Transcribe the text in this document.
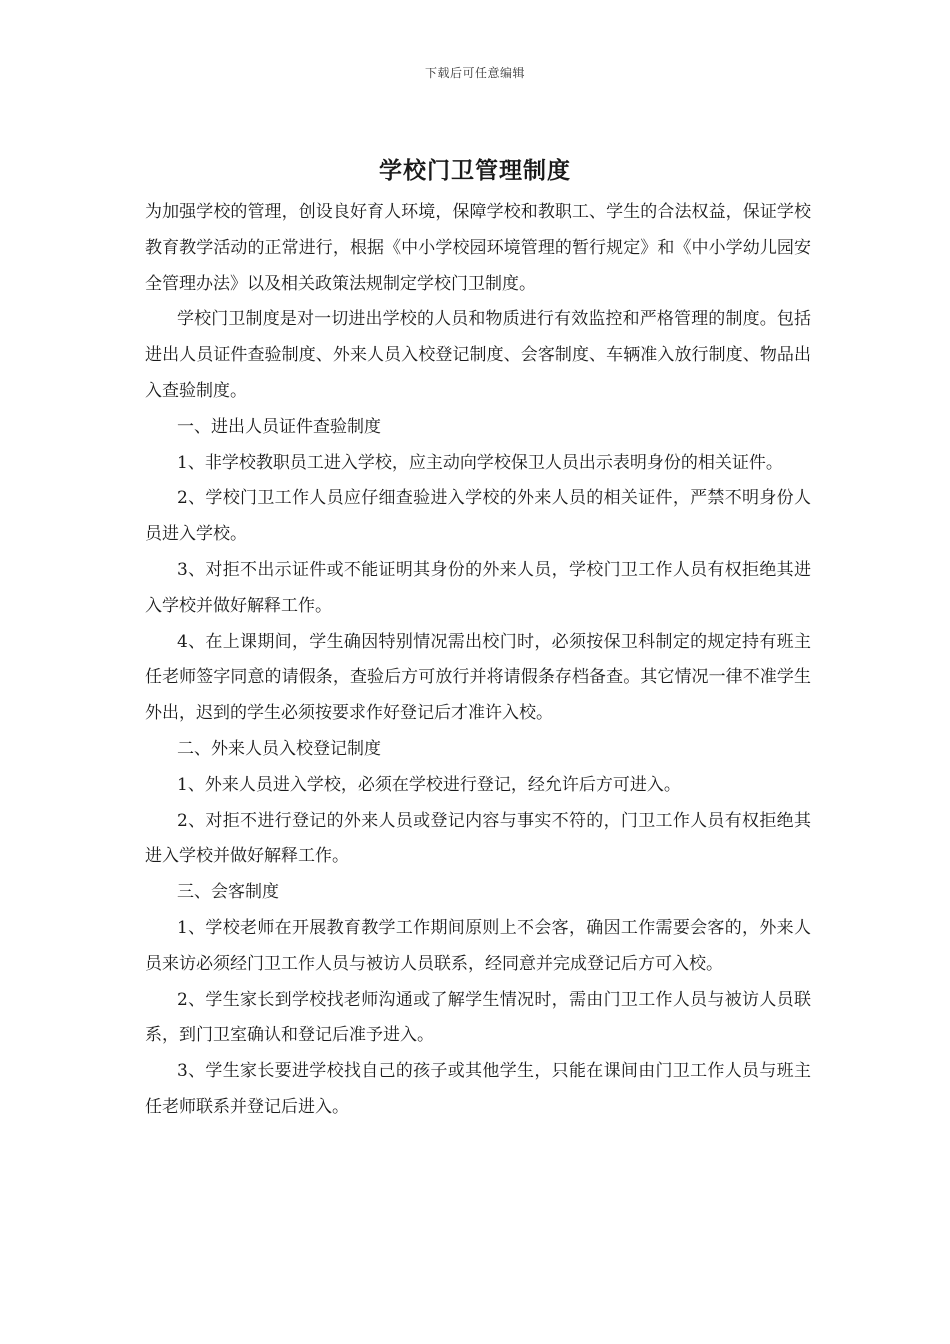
下载后可任意编辑
学校门卫管理制度

为加强学校的管理，创设良好育人环境，保障学校和教职工、学生的合法权益，保证学校教育教学活动的正常进行，根据《中小学校园环境管理的暂行规定》和《中小学幼儿园安全管理办法》以及相关政策法规制定学校门卫制度。

学校门卫制度是对一切进出学校的人员和物质进行有效监控和严格管理的制度。包括进出人员证件查验制度、外来人员入校登记制度、会客制度、车辆准入放行制度、物品出入查验制度。

一、进出人员证件查验制度

1、非学校教职员工进入学校，应主动向学校保卫人员出示表明身份的相关证件。

2、学校门卫工作人员应仔细查验进入学校的外来人员的相关证件，严禁不明身份人员进入学校。

3、对拒不出示证件或不能证明其身份的外来人员，学校门卫工作人员有权拒绝其进入学校并做好解释工作。

4、在上课期间，学生确因特别情况需出校门时，必须按保卫科制定的规定持有班主任老师签字同意的请假条，查验后方可放行并将请假条存档备查。其它情况一律不准学生外出，迟到的学生必须按要求作好登记后才准许入校。

二、外来人员入校登记制度

1、外来人员进入学校，必须在学校进行登记，经允许后方可进入。

2、对拒不进行登记的外来人员或登记内容与事实不符的，门卫工作人员有权拒绝其进入学校并做好解释工作。

三、会客制度

1、学校老师在开展教育教学工作期间原则上不会客，确因工作需要会客的，外来人员来访必须经门卫工作人员与被访人员联系，经同意并完成登记后方可入校。

2、学生家长到学校找老师沟通或了解学生情况时，需由门卫工作人员与被访人员联系，到门卫室确认和登记后准予进入。

3、学生家长要进学校找自己的孩子或其他学生，只能在课间由门卫工作人员与班主任老师联系并登记后进入。
